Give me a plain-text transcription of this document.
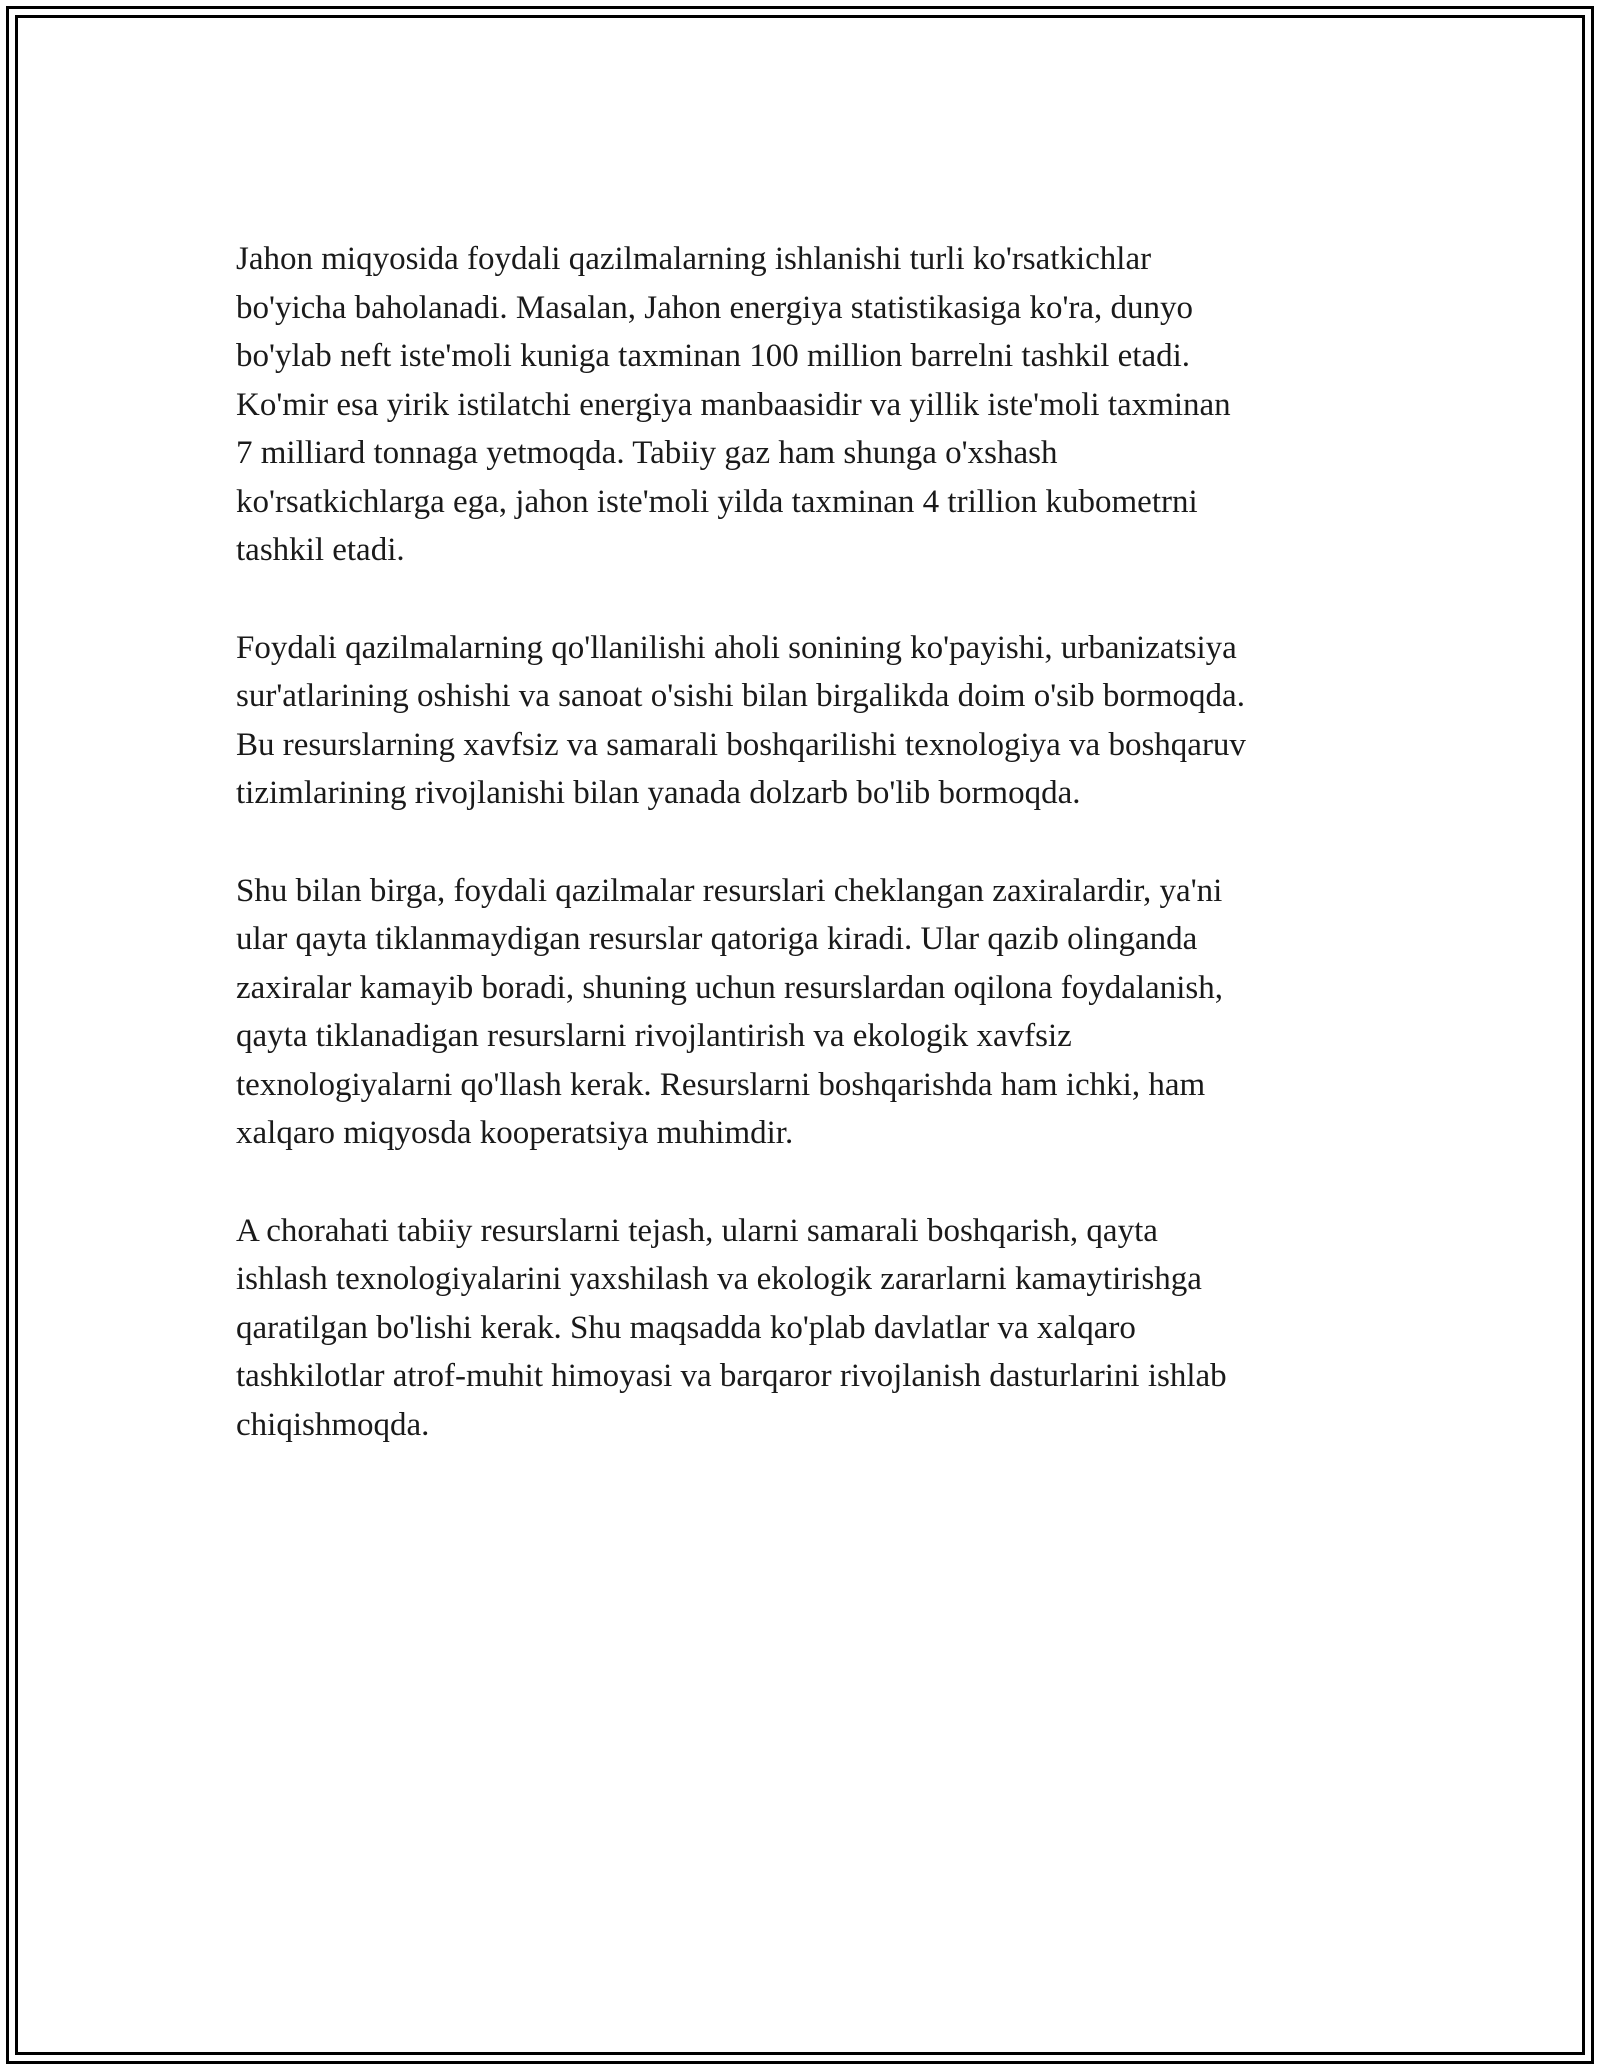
Jahon miqyosida foydali qazilmalarning ishlanishi turli ko'rsatkichlar
bo'yicha baholanadi. Masalan, Jahon energiya statistikasiga ko'ra, dunyo
bo'ylab neft iste'moli kuniga taxminan 100 million barrelni tashkil etadi.
Ko'mir esa yirik istilatchi energiya manbaasidir va yillik iste'moli taxminan
7 milliard tonnaga yetmoqda. Tabiiy gaz ham shunga o'xshash
ko'rsatkichlarga ega, jahon iste'moli yilda taxminan 4 trillion kubometrni
tashkil etadi.

Foydali qazilmalarning qo'llanilishi aholi sonining ko'payishi, urbanizatsiya
sur'atlarining oshishi va sanoat o'sishi bilan birgalikda doim o'sib bormoqda.
Bu resurslarning xavfsiz va samarali boshqarilishi texnologiya va boshqaruv
tizimlarining rivojlanishi bilan yanada dolzarb bo'lib bormoqda.

Shu bilan birga, foydali qazilmalar resurslari cheklangan zaxiralardir, ya'ni
ular qayta tiklanmaydigan resurslar qatoriga kiradi. Ular qazib olinganda
zaxiralar kamayib boradi, shuning uchun resurslardan oqilona foydalanish,
qayta tiklanadigan resurslarni rivojlantirish va ekologik xavfsiz
texnologiyalarni qo'llash kerak. Resurslarni boshqarishda ham ichki, ham
xalqaro miqyosda kooperatsiya muhimdir.

A chorahati tabiiy resurslarni tejash, ularni samarali boshqarish, qayta
ishlash texnologiyalarini yaxshilash va ekologik zararlarni kamaytirishga
qaratilgan bo'lishi kerak. Shu maqsadda ko'plab davlatlar va xalqaro
tashkilotlar atrof-muhit himoyasi va barqaror rivojlanish dasturlarini ishlab
chiqishmoqda.
